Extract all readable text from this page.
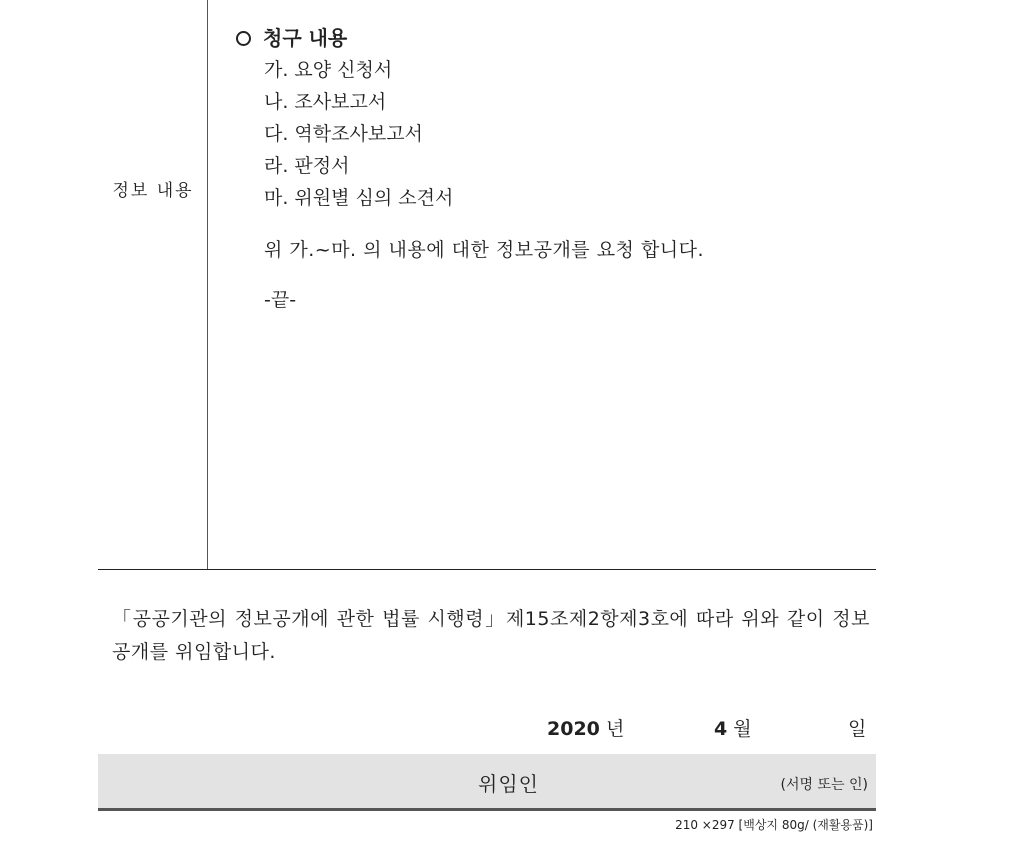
정보 내용
청구 내용
가. 요양 신청서
나. 조사보고서
다. 역학조사보고서
라. 판정서
마. 위원별 심의 소견서
위 가.~마. 의 내용에 대한 정보공개를 요청 합니다.
-끝-
「공공기관의 정보공개에 관한 법률 시행령」제15조제2항제3호에 따라 위와 같이 정보공개를 위임합니다.
2020 년	4 월	일
위임인	(서명 또는 인)
210 ×297 [백상지 80g/ (재활용품)]
